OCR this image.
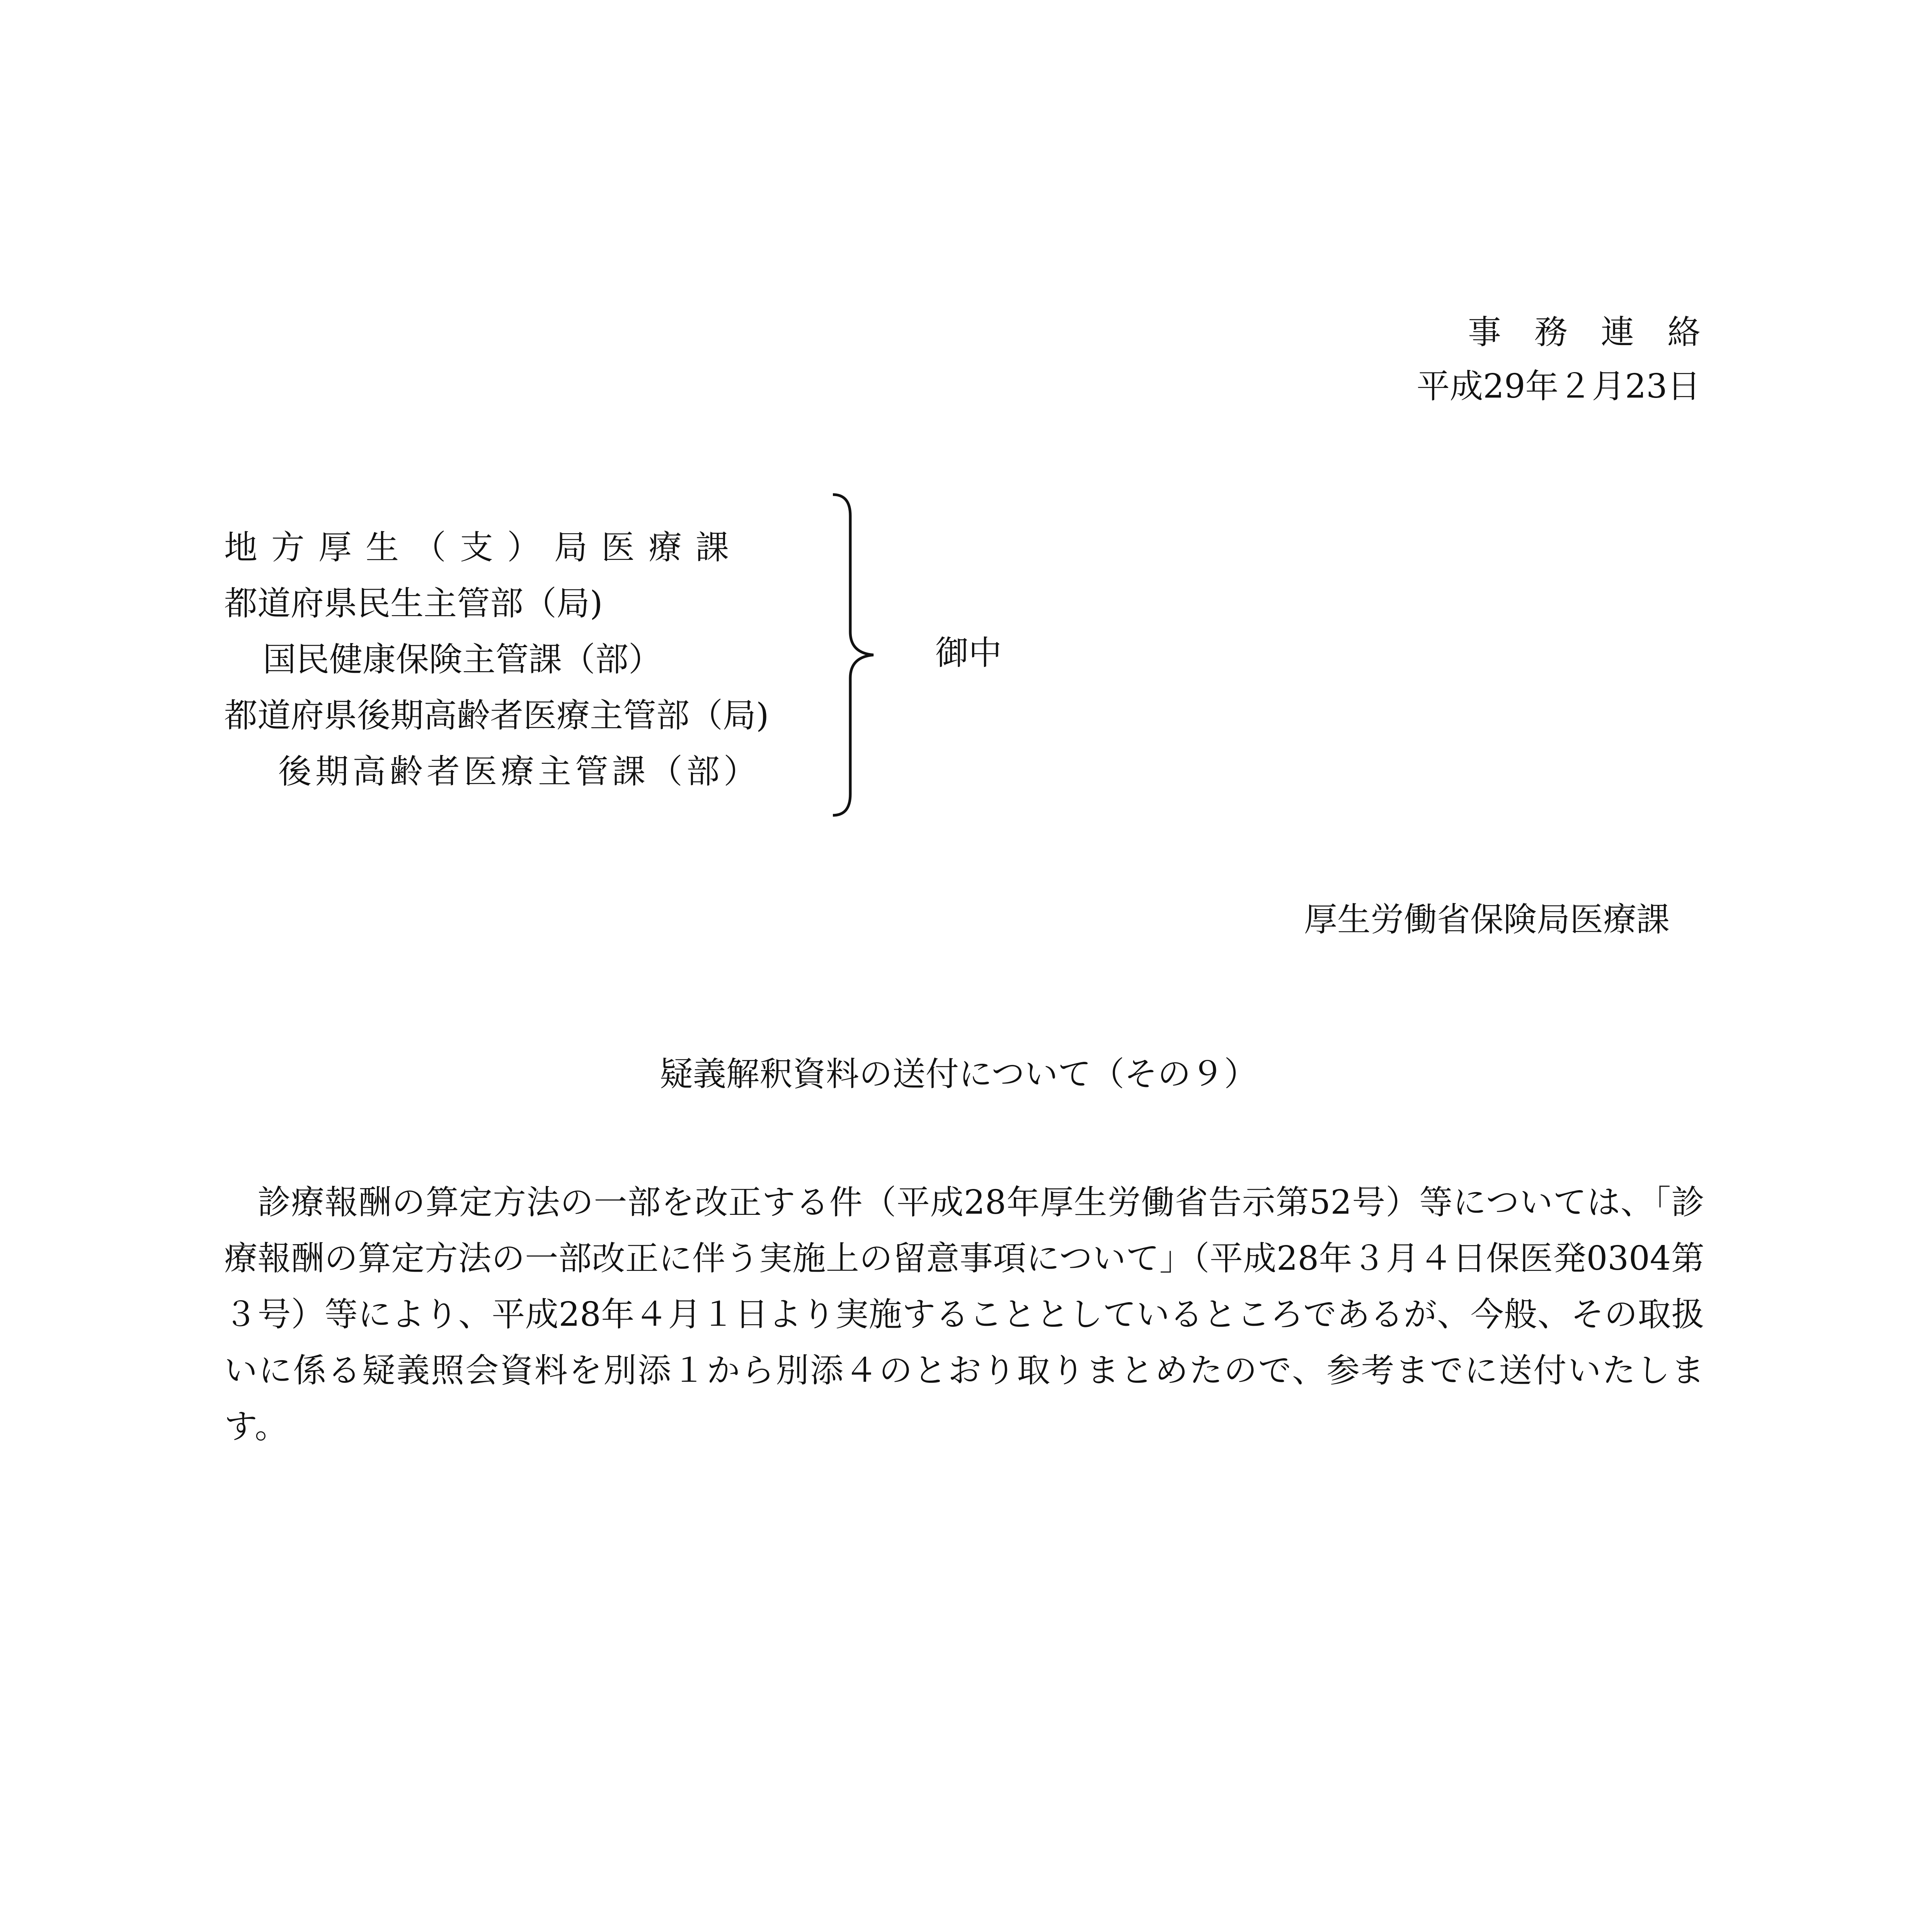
事務連絡
平成29年２月23日
地方厚生（支）局医療課
都道府県民生主管部（局)
国民健康保険主管課（部）
都道府県後期高齢者医療主管部（局)
後期高齢者医療主管課（部）
御中
厚生労働省保険局医療課
疑義解釈資料の送付について（その９）
診療報酬の算定方法の一部を改正する件（平成28年厚生労働省告示第52号）等については、「診療報酬の算定方法の一部改正に伴う実施上の留意事項について」（平成28年３月４日保医発0304第３号）等により、平成28年４月１日より実施することとしているところであるが、今般、その取扱いに係る疑義照会資料を別添１から別添４のとおり取りまとめたので、参考までに送付いたします。
